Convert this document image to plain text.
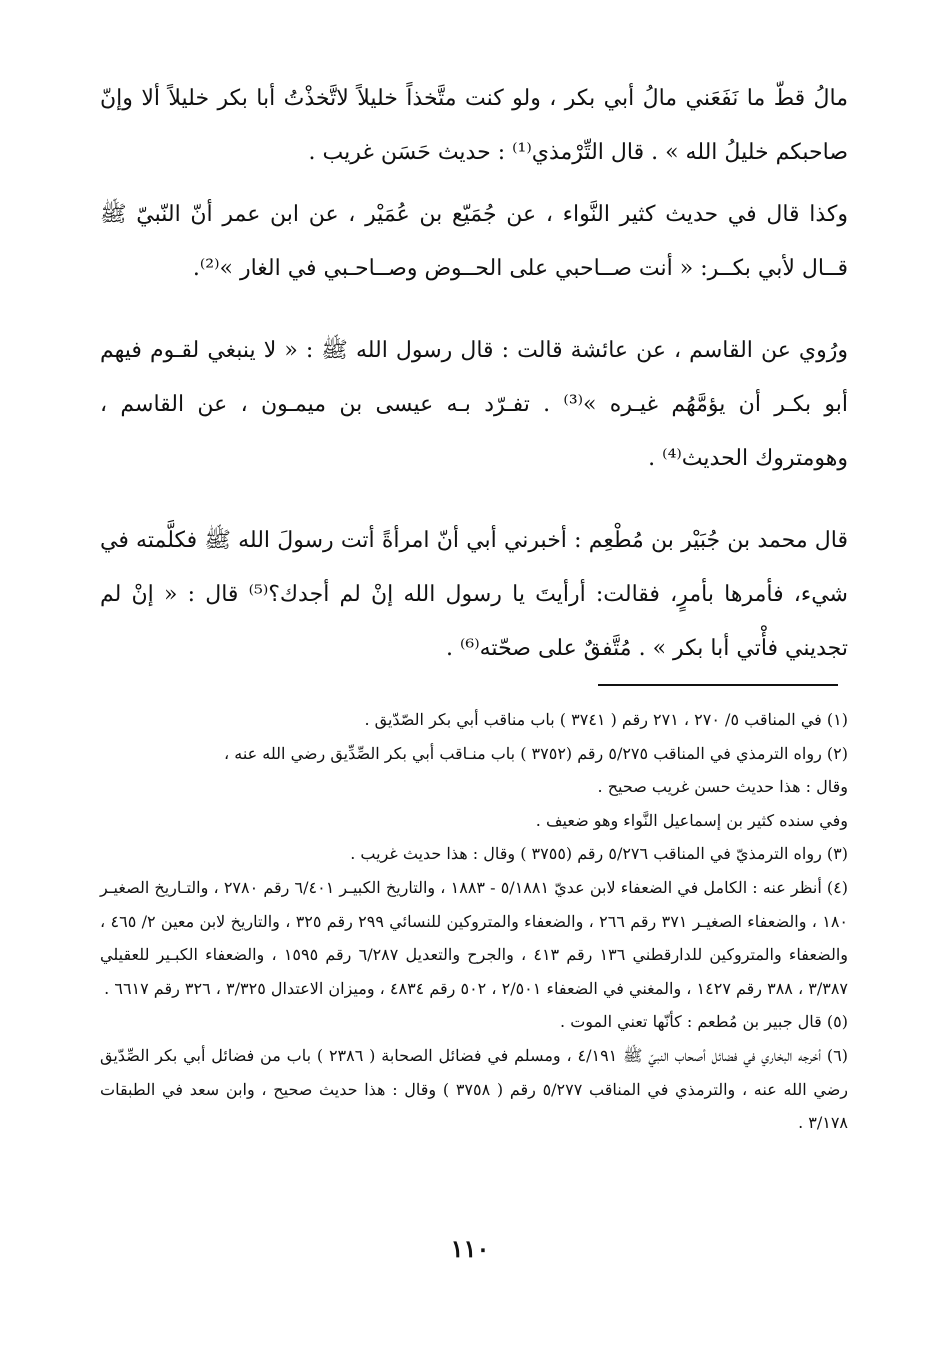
مالُ قطّ ما نَفَعَني مالُ أبي بكر ، ولو كنت متَّخذاً خليلاً لاتَّخذْتُ أبا بكر خليلاً ألا وإنّ صاحبكم خليلُ الله » . قال التِّرْمذي⁽¹⁾ : حديث حَسَن غريب .

وكذا قال في حديث كثير النَّواء ، عن جُمَيّع بن عُمَيْر ، عن ابن عمر أنّ النّبيّ ﷺ قــال لأبي بكــر: « أنت صــاحبي على الحــوض وصــاحـبي في الغار »⁽²⁾.

ورُوي عن القاسم ، عن عائشة قالت : قال رسول الله ﷺ : « لا ينبغي لقـوم فيهم أبو بكـر أن يؤمَّهُم غيـره »⁽³⁾ . تفـرّد بـه عيسى بن ميمـون ، عن القاسم ، وهومتروك الحديث⁽⁴⁾ .

قال محمد بن جُبَيْر بن مُطْعِم : أخبرني أبي أنّ امرأةً أتت رسولَ الله ﷺ فكلَّمته في شيء، فأمرها بأمرٍ، فقالت: أرأيتَ يا رسول الله إنْ لم أجدك؟⁽⁵⁾ قال : « إنْ لم تجديني فأْتي أبا بكر » . مُتَّفقٌ على صحّته⁽⁶⁾ .

(١) في المناقب ٥/ ٢٧٠ ، ٢٧١ رقم ( ٣٧٤١ ) باب مناقب أبي بكر الصّدّيق .

(٢) رواه الترمذي في المناقب ٥/٢٧٥ رقم (٣٧٥٢ ) باب منـاقب أبي بكر الصِّدِّيق رضي الله عنه ،

وقال : هذا حديث حسن غريب صحيح .

وفي سنده كثير بن إسماعيل النَّواء وهو ضعيف .

(٣) رواه الترمذيّ في المناقب ٥/٢٧٦ رقم (٣٧٥٥ ) وقال : هذا حديث غريب .

(٤) أنظر عنه : الكامل في الضعفاء لابن عديّ ٥/١٨٨١ - ١٨٨٣ ، والتاريخ الكبيـر ٦/٤٠١ رقم ٢٧٨٠ ، والتـاريخ الصغيـر ١٨٠ ، والضعفاء الصغيـر ٣٧١ رقم ٢٦٦ ، والضعفاء والمتروكين للنسائي ٢٩٩ رقم ٣٢٥ ، والتاريخ لابن معين ٢/ ٤٦٥ ، والضعفاء والمتروكين للدارقطني ١٣٦ رقم ٤١٣ ، والجرح والتعديل ٦/٢٨٧ رقم ١٥٩٥ ، والضعفاء الكبـير للعقيلي ٣/٣٨٧ ، ٣٨٨ رقم ١٤٢٧ ، والمغني في الضعفاء ٢/٥٠١ ، ٥٠٢ رقم ٤٨٣٤ ، وميزان الاعتدال ٣/٣٢٥ ، ٣٢٦ رقم ٦٦١٧ .

(٥) قال جبير بن مُطعم : كأنّها تعني الموت .

(٦) أخرجه البخاري في فضائل أصحاب النبيّ ﷺ ٤/١٩١ ، ومسلم في فضائل الصحابة ( ٢٣٨٦ ) باب من فضائل أبي بكر الصِّدّيق رضي الله عنه ، والترمذي في المناقب ٥/٢٧٧ رقم ( ٣٧٥٨ ) وقال : هذا حديث صحيح ، وابن سعد في الطبقات ٣/١٧٨ .

١١٠
